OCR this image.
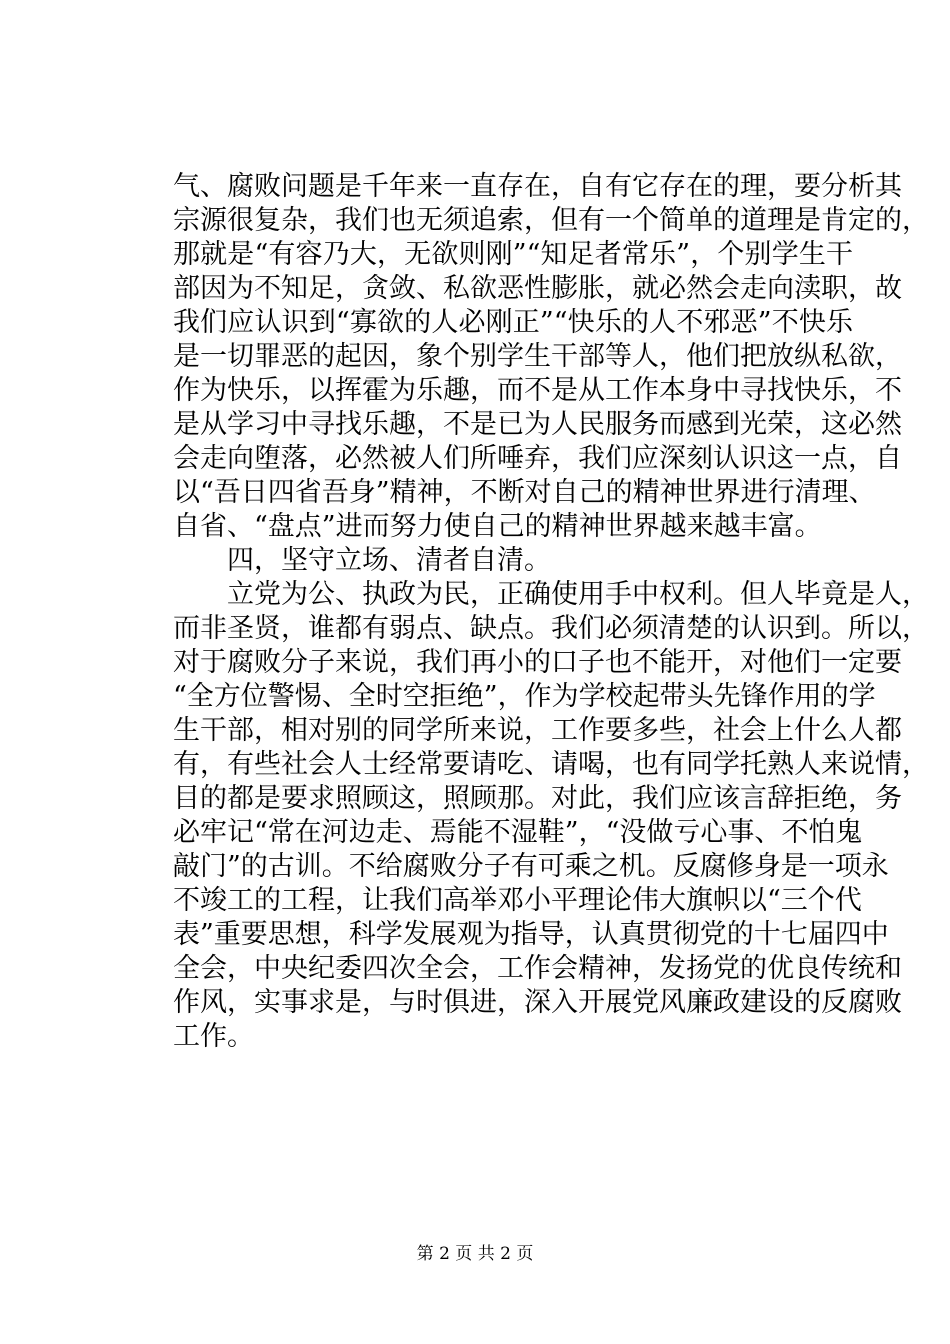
气、腐败问题是千年来一直存在，自有它存在的理，要分析其
宗源很复杂，我们也无须追索，但有一个简单的道理是肯定的，
那就是“有容乃大，无欲则刚”“知足者常乐”，个别学生干
部因为不知足，贪敛、私欲恶性膨胀，就必然会走向渎职，故
我们应认识到“寡欲的人必刚正”“快乐的人不邪恶”不快乐
是一切罪恶的起因，象个别学生干部等人，他们把放纵私欲，
作为快乐，以挥霍为乐趣，而不是从工作本身中寻找快乐，不
是从学习中寻找乐趣，不是已为人民服务而感到光荣，这必然
会走向堕落，必然被人们所唾弃，我们应深刻认识这一点，自
以“吾日四省吾身”精神，不断对自己的精神世界进行清理、
自省、“盘点”进而努力使自己的精神世界越来越丰富。
　　四，坚守立场、清者自清。
　　立党为公、执政为民，正确使用手中权利。但人毕竟是人，
而非圣贤，谁都有弱点、缺点。我们必须清楚的认识到。所以，
对于腐败分子来说，我们再小的口子也不能开，对他们一定要
“全方位警惕、全时空拒绝”，作为学校起带头先锋作用的学
生干部，相对别的同学所来说，工作要多些，社会上什么人都
有，有些社会人士经常要请吃、请喝，也有同学托熟人来说情，
目的都是要求照顾这，照顾那。对此，我们应该言辞拒绝，务
必牢记“常在河边走、焉能不湿鞋”，“没做亏心事、不怕鬼
敲门”的古训。不给腐败分子有可乘之机。反腐修身是一项永
不竣工的工程，让我们高举邓小平理论伟大旗帜以“三个代
表”重要思想，科学发展观为指导，认真贯彻党的十七届四中
全会，中央纪委四次全会，工作会精神，发扬党的优良传统和
作风，实事求是，与时俱进，深入开展党风廉政建设的反腐败
工作。
第 2 页 共 2 页
